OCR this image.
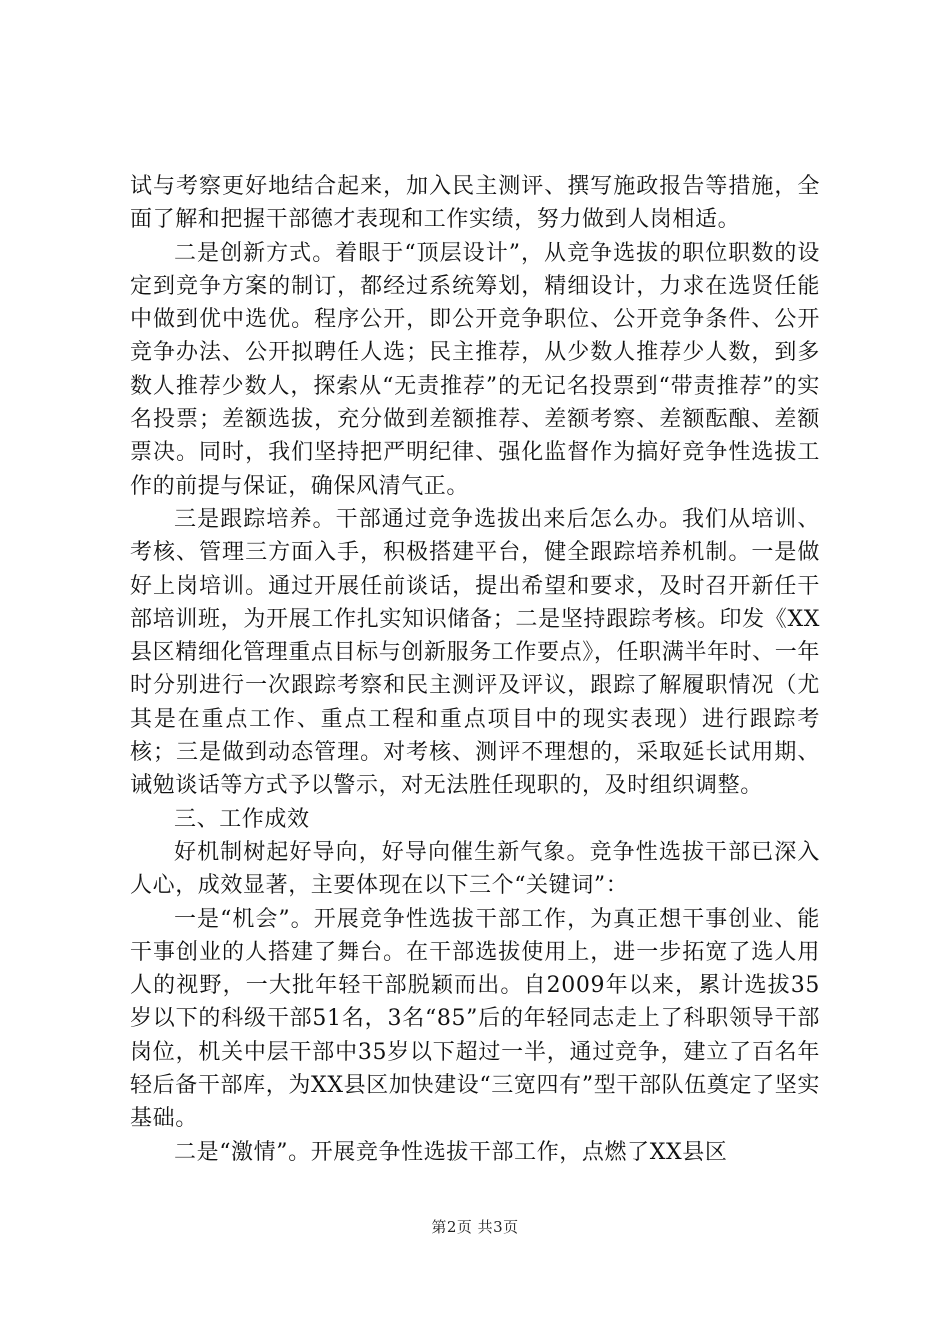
试与考察更好地结合起来，加入民主测评、撰写施政报告等措施，全面了解和把握干部德才表现和工作实绩，努力做到人岗相适。

二是创新方式。着眼于“顶层设计”，从竞争选拔的职位职数的设定到竞争方案的制订，都经过系统筹划，精细设计，力求在选贤任能中做到优中选优。程序公开，即公开竞争职位、公开竞争条件、公开竞争办法、公开拟聘任人选；民主推荐，从少数人推荐少人数，到多数人推荐少数人，探索从“无责推荐”的无记名投票到“带责推荐”的实名投票；差额选拔，充分做到差额推荐、差额考察、差额酝酿、差额票决。同时，我们坚持把严明纪律、强化监督作为搞好竞争性选拔工作的前提与保证，确保风清气正。

三是跟踪培养。干部通过竞争选拔出来后怎么办。我们从培训、考核、管理三方面入手，积极搭建平台，健全跟踪培养机制。一是做好上岗培训。通过开展任前谈话，提出希望和要求，及时召开新任干部培训班，为开展工作扎实知识储备；二是坚持跟踪考核。印发《XX县区精细化管理重点目标与创新服务工作要点》，任职满半年时、一年时分别进行一次跟踪考察和民主测评及评议，跟踪了解履职情况（尤其是在重点工作、重点工程和重点项目中的现实表现）进行跟踪考核；三是做到动态管理。对考核、测评不理想的，采取延长试用期、诫勉谈话等方式予以警示，对无法胜任现职的，及时组织调整。

三、工作成效

好机制树起好导向，好导向催生新气象。竞争性选拔干部已深入人心，成效显著，主要体现在以下三个“关键词”：

一是“机会”。开展竞争性选拔干部工作，为真正想干事创业、能干事创业的人搭建了舞台。在干部选拔使用上，进一步拓宽了选人用人的视野，一大批年轻干部脱颖而出。自2009年以来，累计选拔35岁以下的科级干部51名，3名“85”后的年轻同志走上了科职领导干部岗位，机关中层干部中35岁以下超过一半，通过竞争，建立了百名年轻后备干部库，为XX县区加快建设“三宽四有”型干部队伍奠定了坚实基础。

二是“激情”。开展竞争性选拔干部工作，点燃了XX县区

第2页 共3页
